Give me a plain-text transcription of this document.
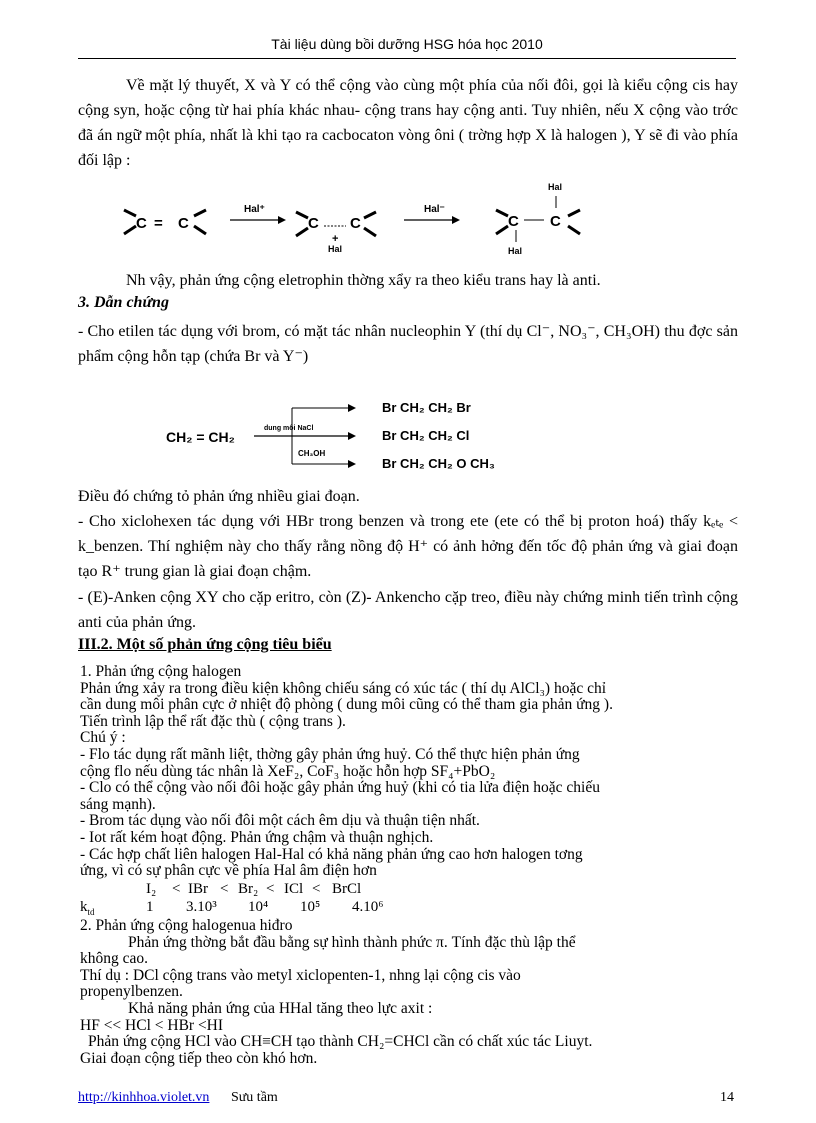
Tài liệu dùng bồi dưỡng HSG hóa học 2010

Về mặt lý thuyết, X và Y có thể cộng vào cùng một phía của nối đôi, gọi là kiểu cộng cis hay cộng syn, hoặc cộng từ hai phía khác nhau- cộng trans hay cộng anti. Tuy nhiên, nếu X cộng vào trớc đã án ngữ một phía, nhất là khi tạo ra cacbocaton vòng ôni ( trờng hợp X là halogen ), Y sẽ đi vào phía đối lập :

C = C
Hal⁺
C C
+
Hal
Hal⁻
C C
Hal
Hal

Nh vậy, phản ứng cộng eletrophin thờng xẩy ra theo kiểu trans hay là anti.

3. Dẫn chứng

- Cho etilen tác dụng với brom, có mặt tác nhân nucleophin Y (thí dụ Cl⁻, NO₃⁻, CH₃OH) thu đợc sản phẩm cộng hỗn tạp (chứa Br và Y⁻)

CH₂ = CH₂
dung môi NaCl
CH₃OH
Br CH₂ CH₂ Br
Br CH₂ CH₂ Cl
Br CH₂ CH₂ O CH₃

Điều đó chứng tỏ phản ứng nhiều giai đoạn.

- Cho xiclohexen tác dụng với HBr trong benzen và trong ete (ete có thể bị proton hoá) thấy kₑₜₑ < k_benzen. Thí nghiệm này cho thấy rằng nồng độ H⁺ có ảnh hởng đến tốc độ phản ứng và giai đoạn tạo R⁺ trung gian là giai đoạn chậm.

- (E)-Anken cộng XY cho cặp eritro, còn (Z)- Ankencho cặp treo, điều này chứng minh tiến trình cộng anti của phản ứng.

III.2. Một số phản ứng cộng tiêu biểu

1. Phản ứng cộng halogen
Phản ứng xảy ra trong điều kiện không chiếu sáng có xúc tác ( thí dụ AlCl₃) hoặc chỉ
cần dung môi phân cực ở nhiệt độ phòng ( dung môi cũng có thể tham gia phản ứng ).
Tiến trình lập thể rất đặc thù ( cộng trans ).
Chú ý :
- Flo tác dụng rất mãnh liệt, thờng gây phản ứng huỷ. Có thể thực hiện phản ứng
cộng flo nếu dùng tác nhân là XeF₂, CoF₃ hoặc hỗn hợp SF₄+PbO₂
- Clo có thể cộng vào nối đôi hoặc gây phản ứng huỷ (khi có tia lửa điện hoặc chiếu
sáng mạnh).
- Brom tác dụng vào nối đôi một cách êm dịu và thuận tiện nhất.
- Iot rất kém hoạt động. Phản ứng chậm và thuận nghịch.
- Các hợp chất liên halogen Hal-Hal có khả năng phản ứng cao hơn halogen tơng
ứng, vì có sự phân cực về phía Hal âm điện hơn
I₂ < IBr < Br₂ < ICl < BrCl
$k_{td}$	1 3.10³ 10⁴ 10⁵ 4.10⁶
2. Phản ứng cộng halogenua hiđro
Phản ứng thờng bắt đầu bằng sự hình thành phức π. Tính đặc thù lập thể
không cao.
Thí dụ : DCl cộng trans vào metyl xiclopenten-1, nhng lại cộng cis vào
propenylbenzen.
Khả năng phản ứng của HHal tăng theo lực axit :
HF << HCl < HBr <HI
Phản ứng cộng HCl vào CH≡CH tạo thành CH₂=CHCl cần có chất xúc tác Liuyt.
Giai đoạn cộng tiếp theo còn khó hơn.
http://kinhhoa.violet.vn Sưu tầm	14
